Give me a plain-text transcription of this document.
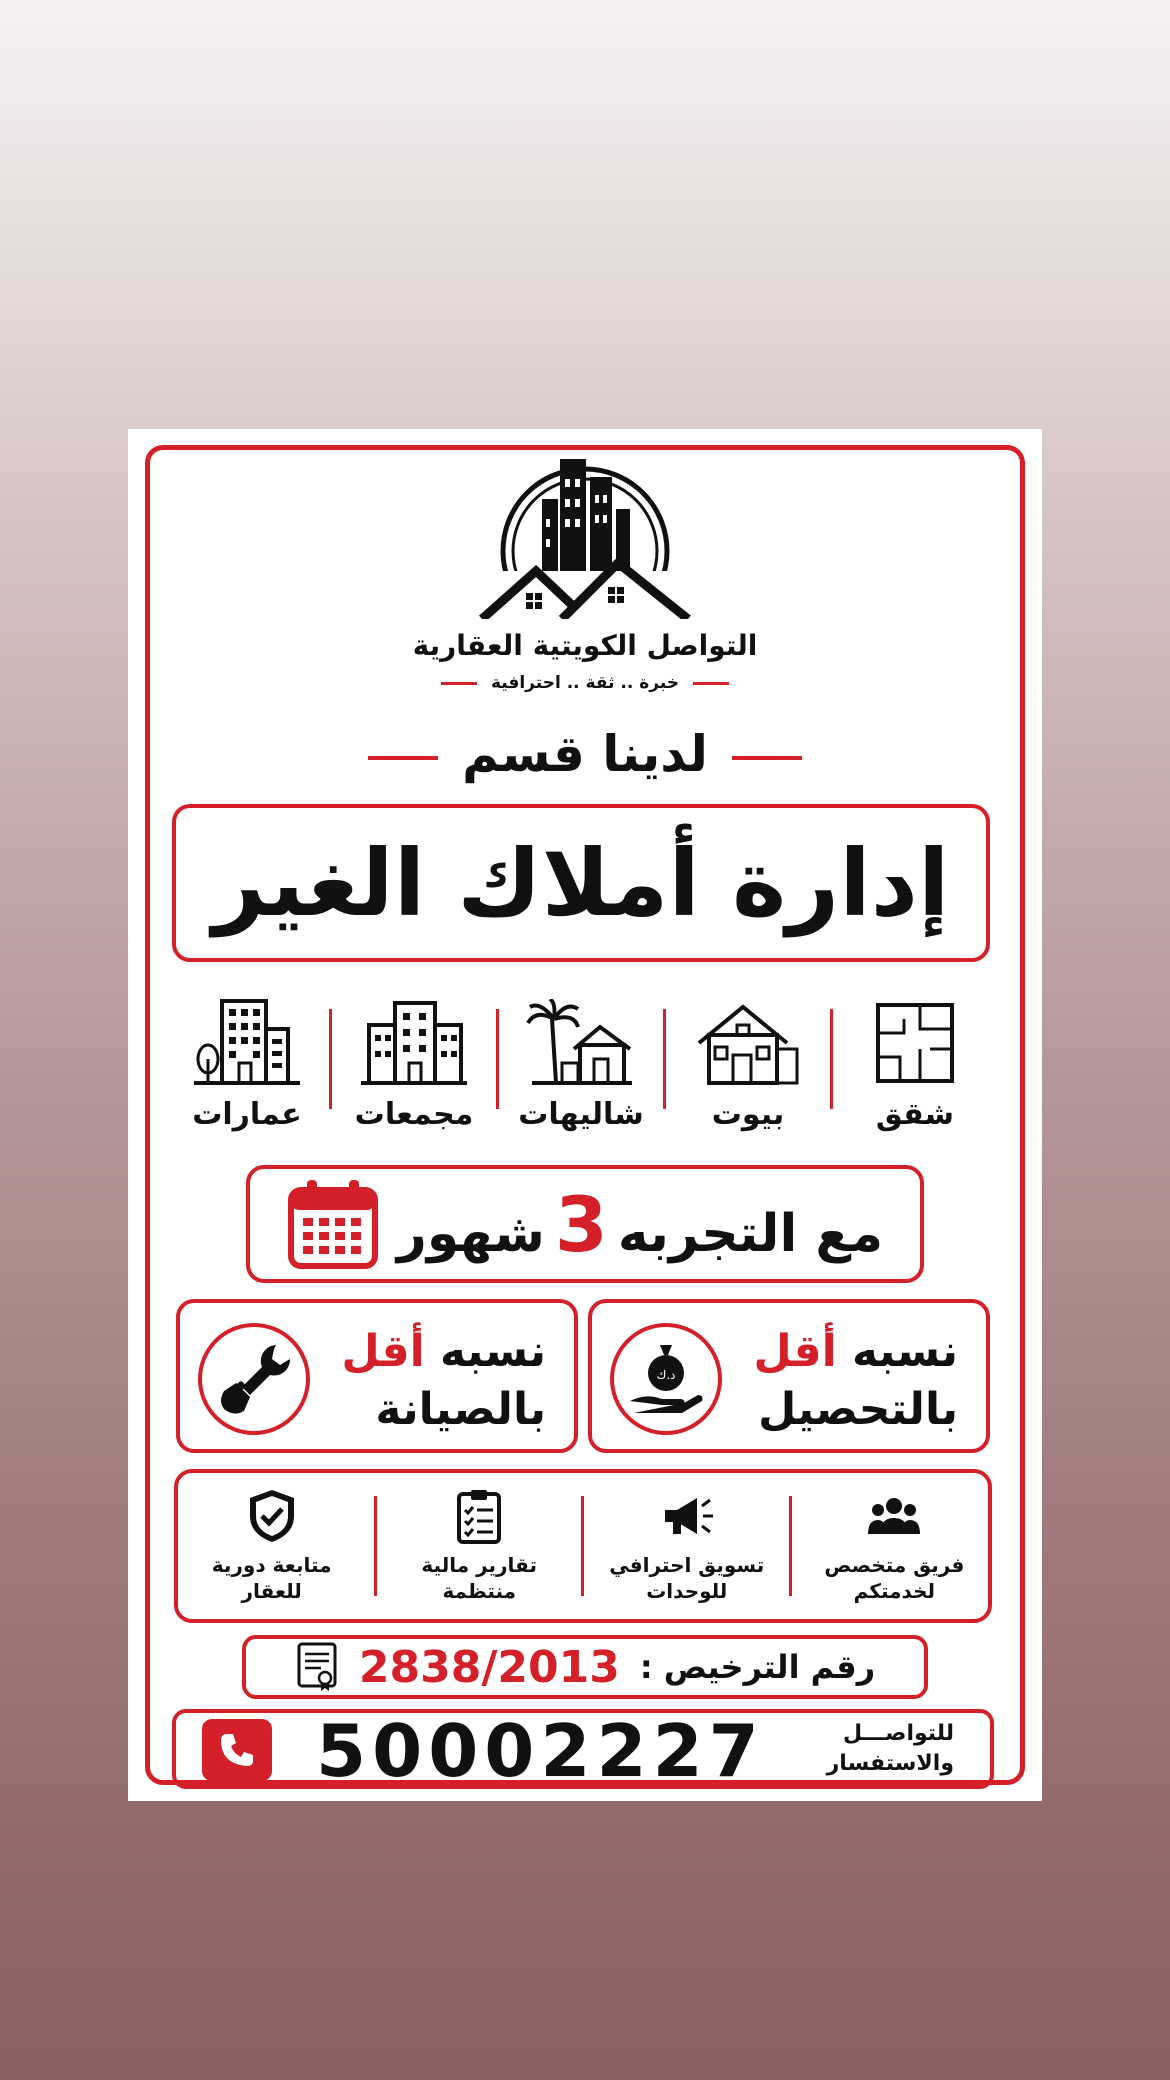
التواصل الكويتية العقارية
خبرة .. ثقة .. احترافية
لدينا قسم
إدارة أملاك الغير
شقق
بيوت
شاليهات
مجمعات
عمارات
مع التجربه3شهور
نسبه أقل
بالتحصيل
د.ك
نسبه أقل
بالصيانة
فريق متخصص
لخدمتكم
تسويق احترافي
للوحدات
تقارير مالية
منتظمة
متابعة دورية
للعقار
رقم الترخيص :
2838/2013
للتواصـــل
والاستفسار
50002227
